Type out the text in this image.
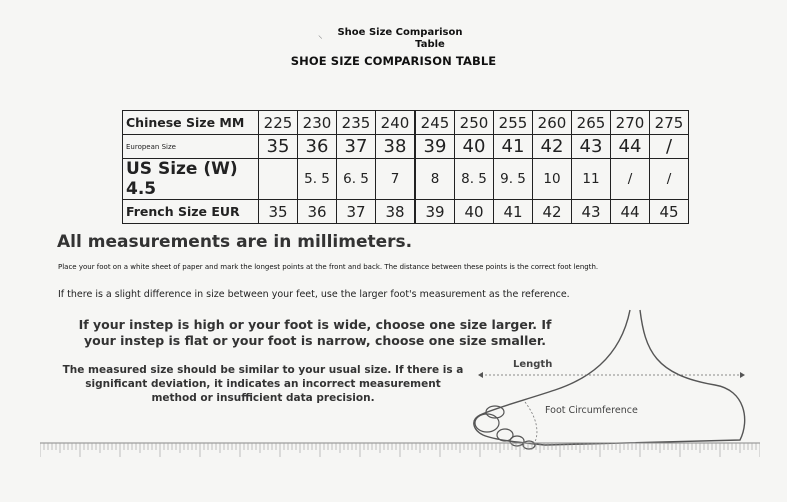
⸜	Shoe Size Comparison
Table
SHOE SIZE COMPARISON TABLE
Chinese Size MM	225	230	235	240	245	250	255	260	265	270	275
European Size	35	36	37	38	39	40	41	42	43	44	/
US Size (W) 4.5		5. 5	6. 5	7	8	8. 5	9. 5	10	11	/	/
French Size EUR	35	36	37	38	39	40	41	42	43	44	45
All measurements are in millimeters.
Place your foot on a white sheet of paper and mark the longest points at the front and back. The distance between these points is the correct foot length.
If there is a slight difference in size between your feet, use the larger foot's measurement as the reference.
If your instep is high or your foot is wide, choose one size larger. If
your instep is flat or your foot is narrow, choose one size smaller.
The measured size should be similar to your usual size. If there is a
significant deviation, it indicates an incorrect measurement
method or insufficient data precision.
Length
Foot Circumference
